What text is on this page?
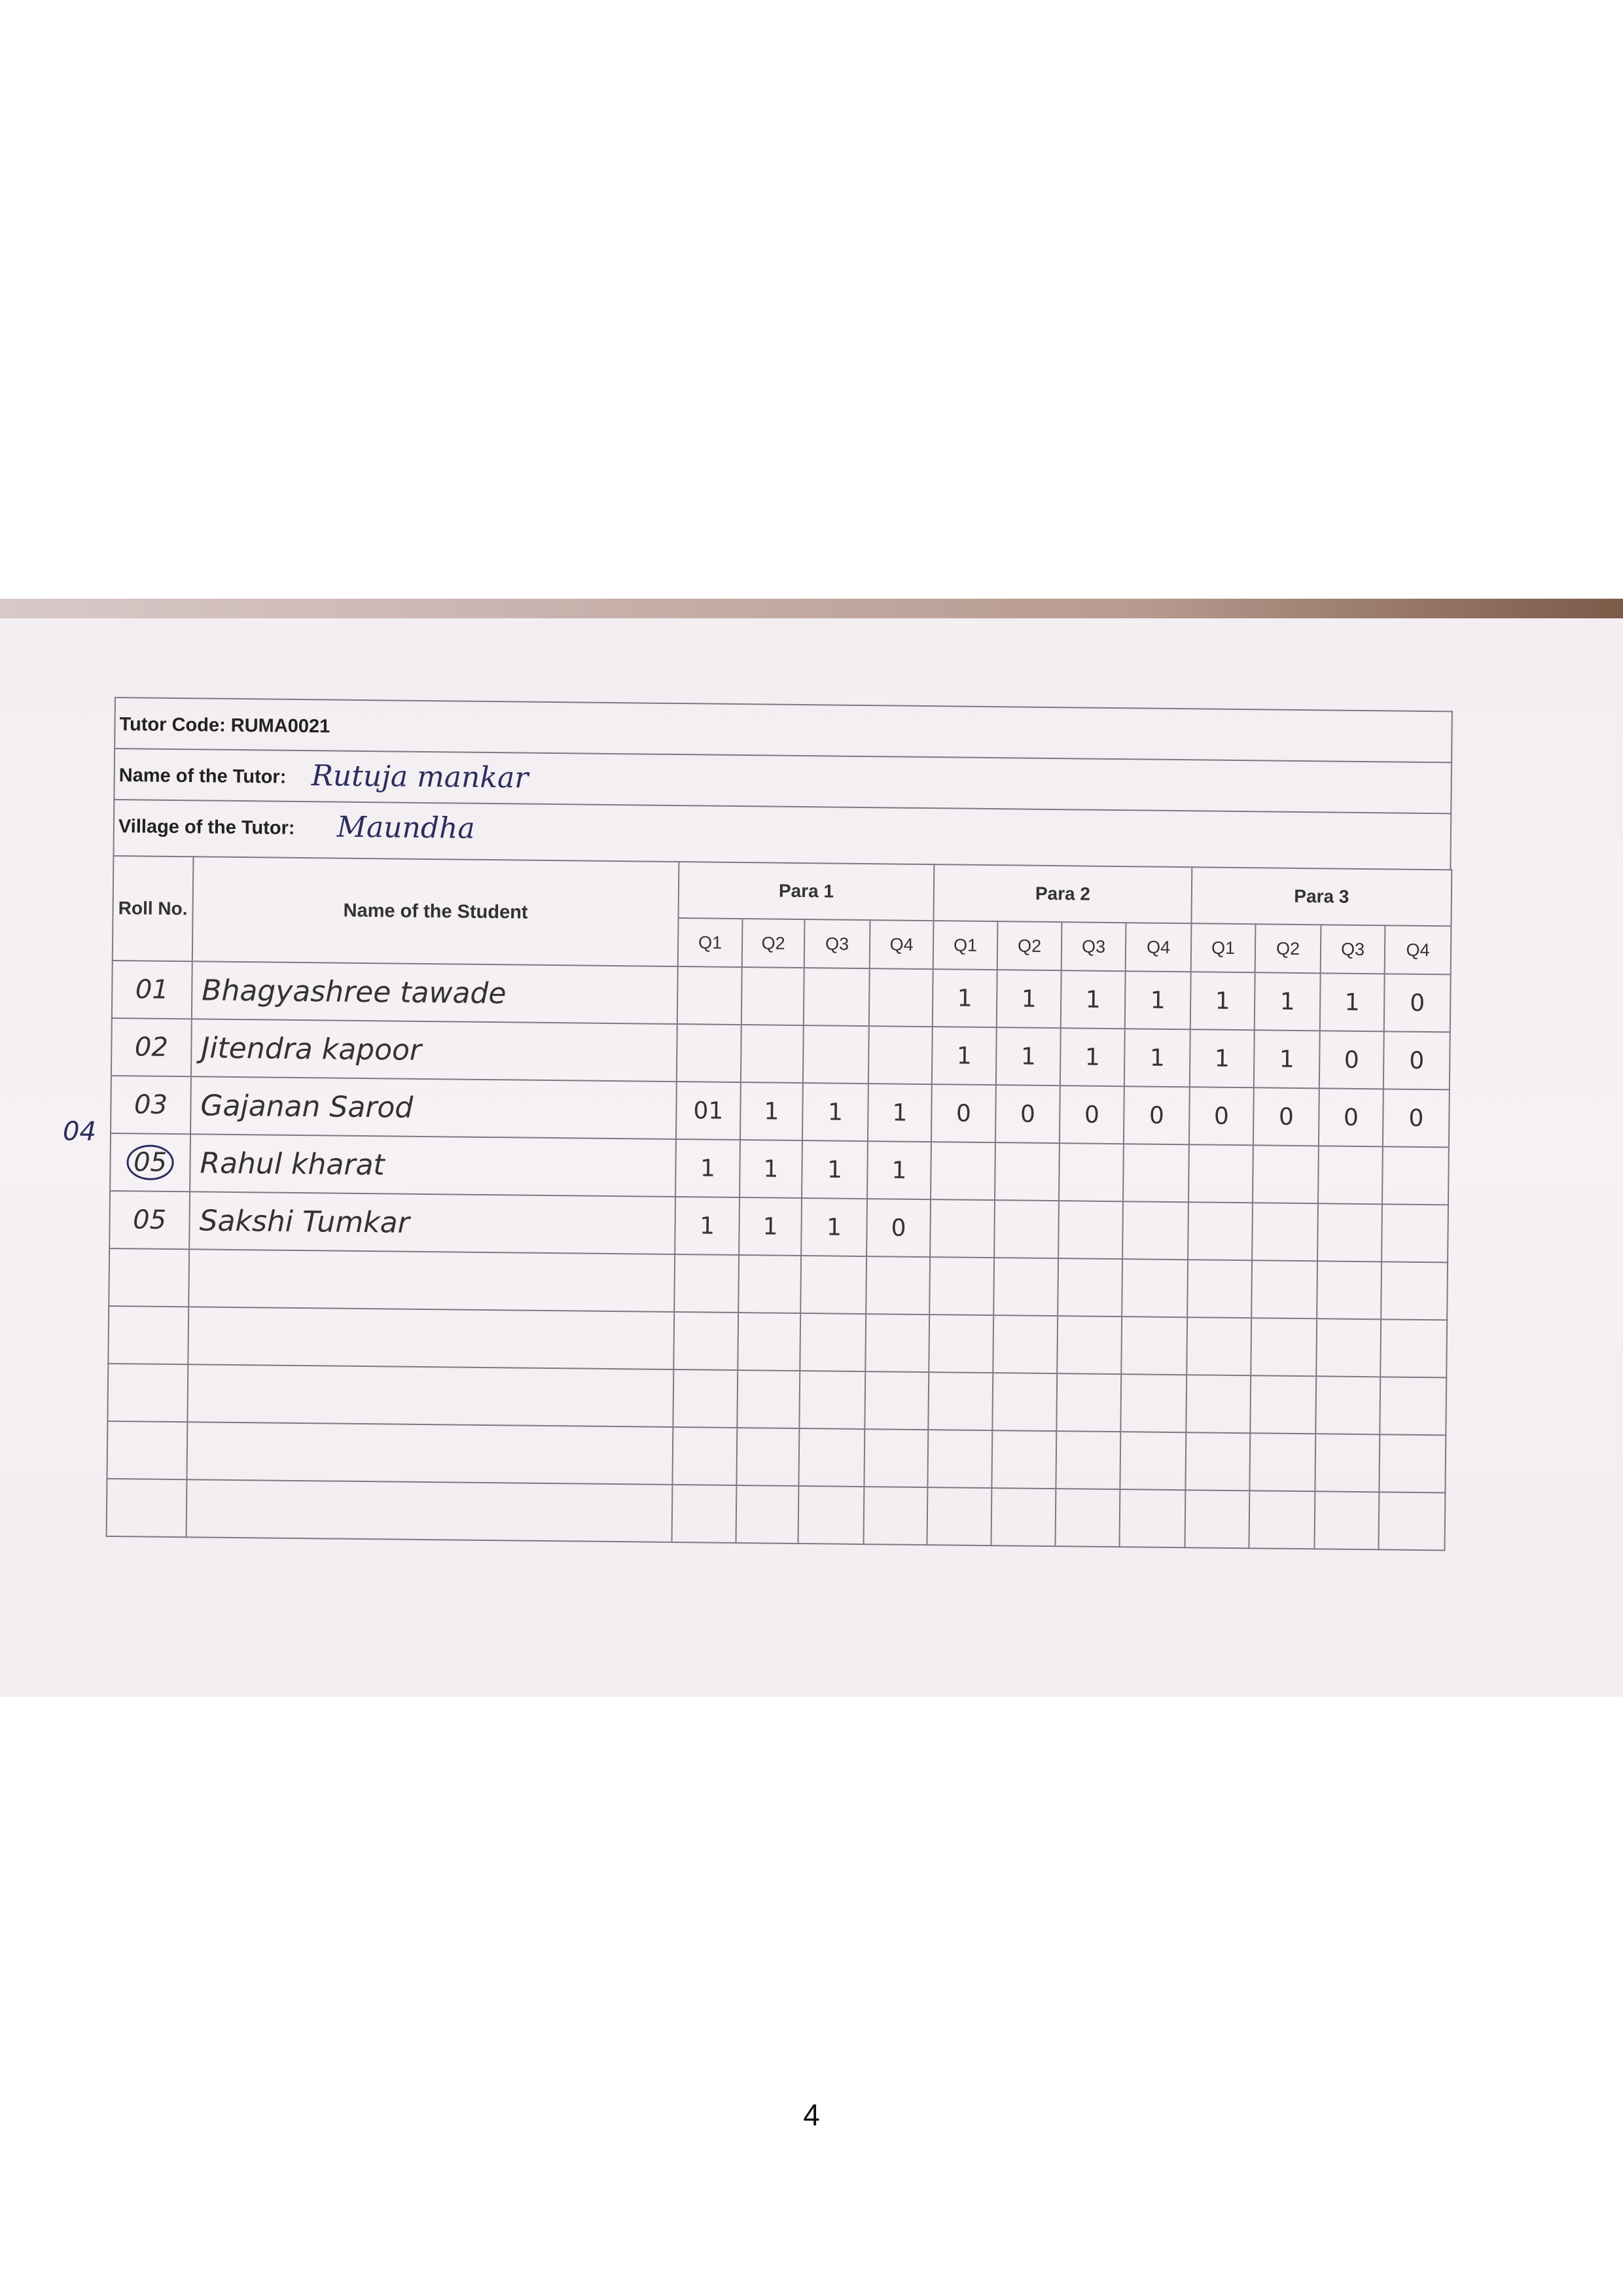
Tutor Code: RUMA0021
Name of the Tutor: Rutuja mankar
Village of the Tutor: Maundha
Roll No.	Name of the Student	Para 1				Para 2				Para 3			
		Q1	Q2	Q3	Q4	Q1	Q2	Q3	Q4	Q1	Q2	Q3	Q4
01	Bhagyashree tawade					1	1	1	1	1	1	1	0
02	Jitendra kapoor					1	1	1	1	1	1	0	0
03	Gajanan Sarod	01	1	1	1	0	0	0	0	0	0	0	0
05	Rahul kharat	1	1	1	1								
05	Sakshi Tumkar	1	1	1	0								

04
4
